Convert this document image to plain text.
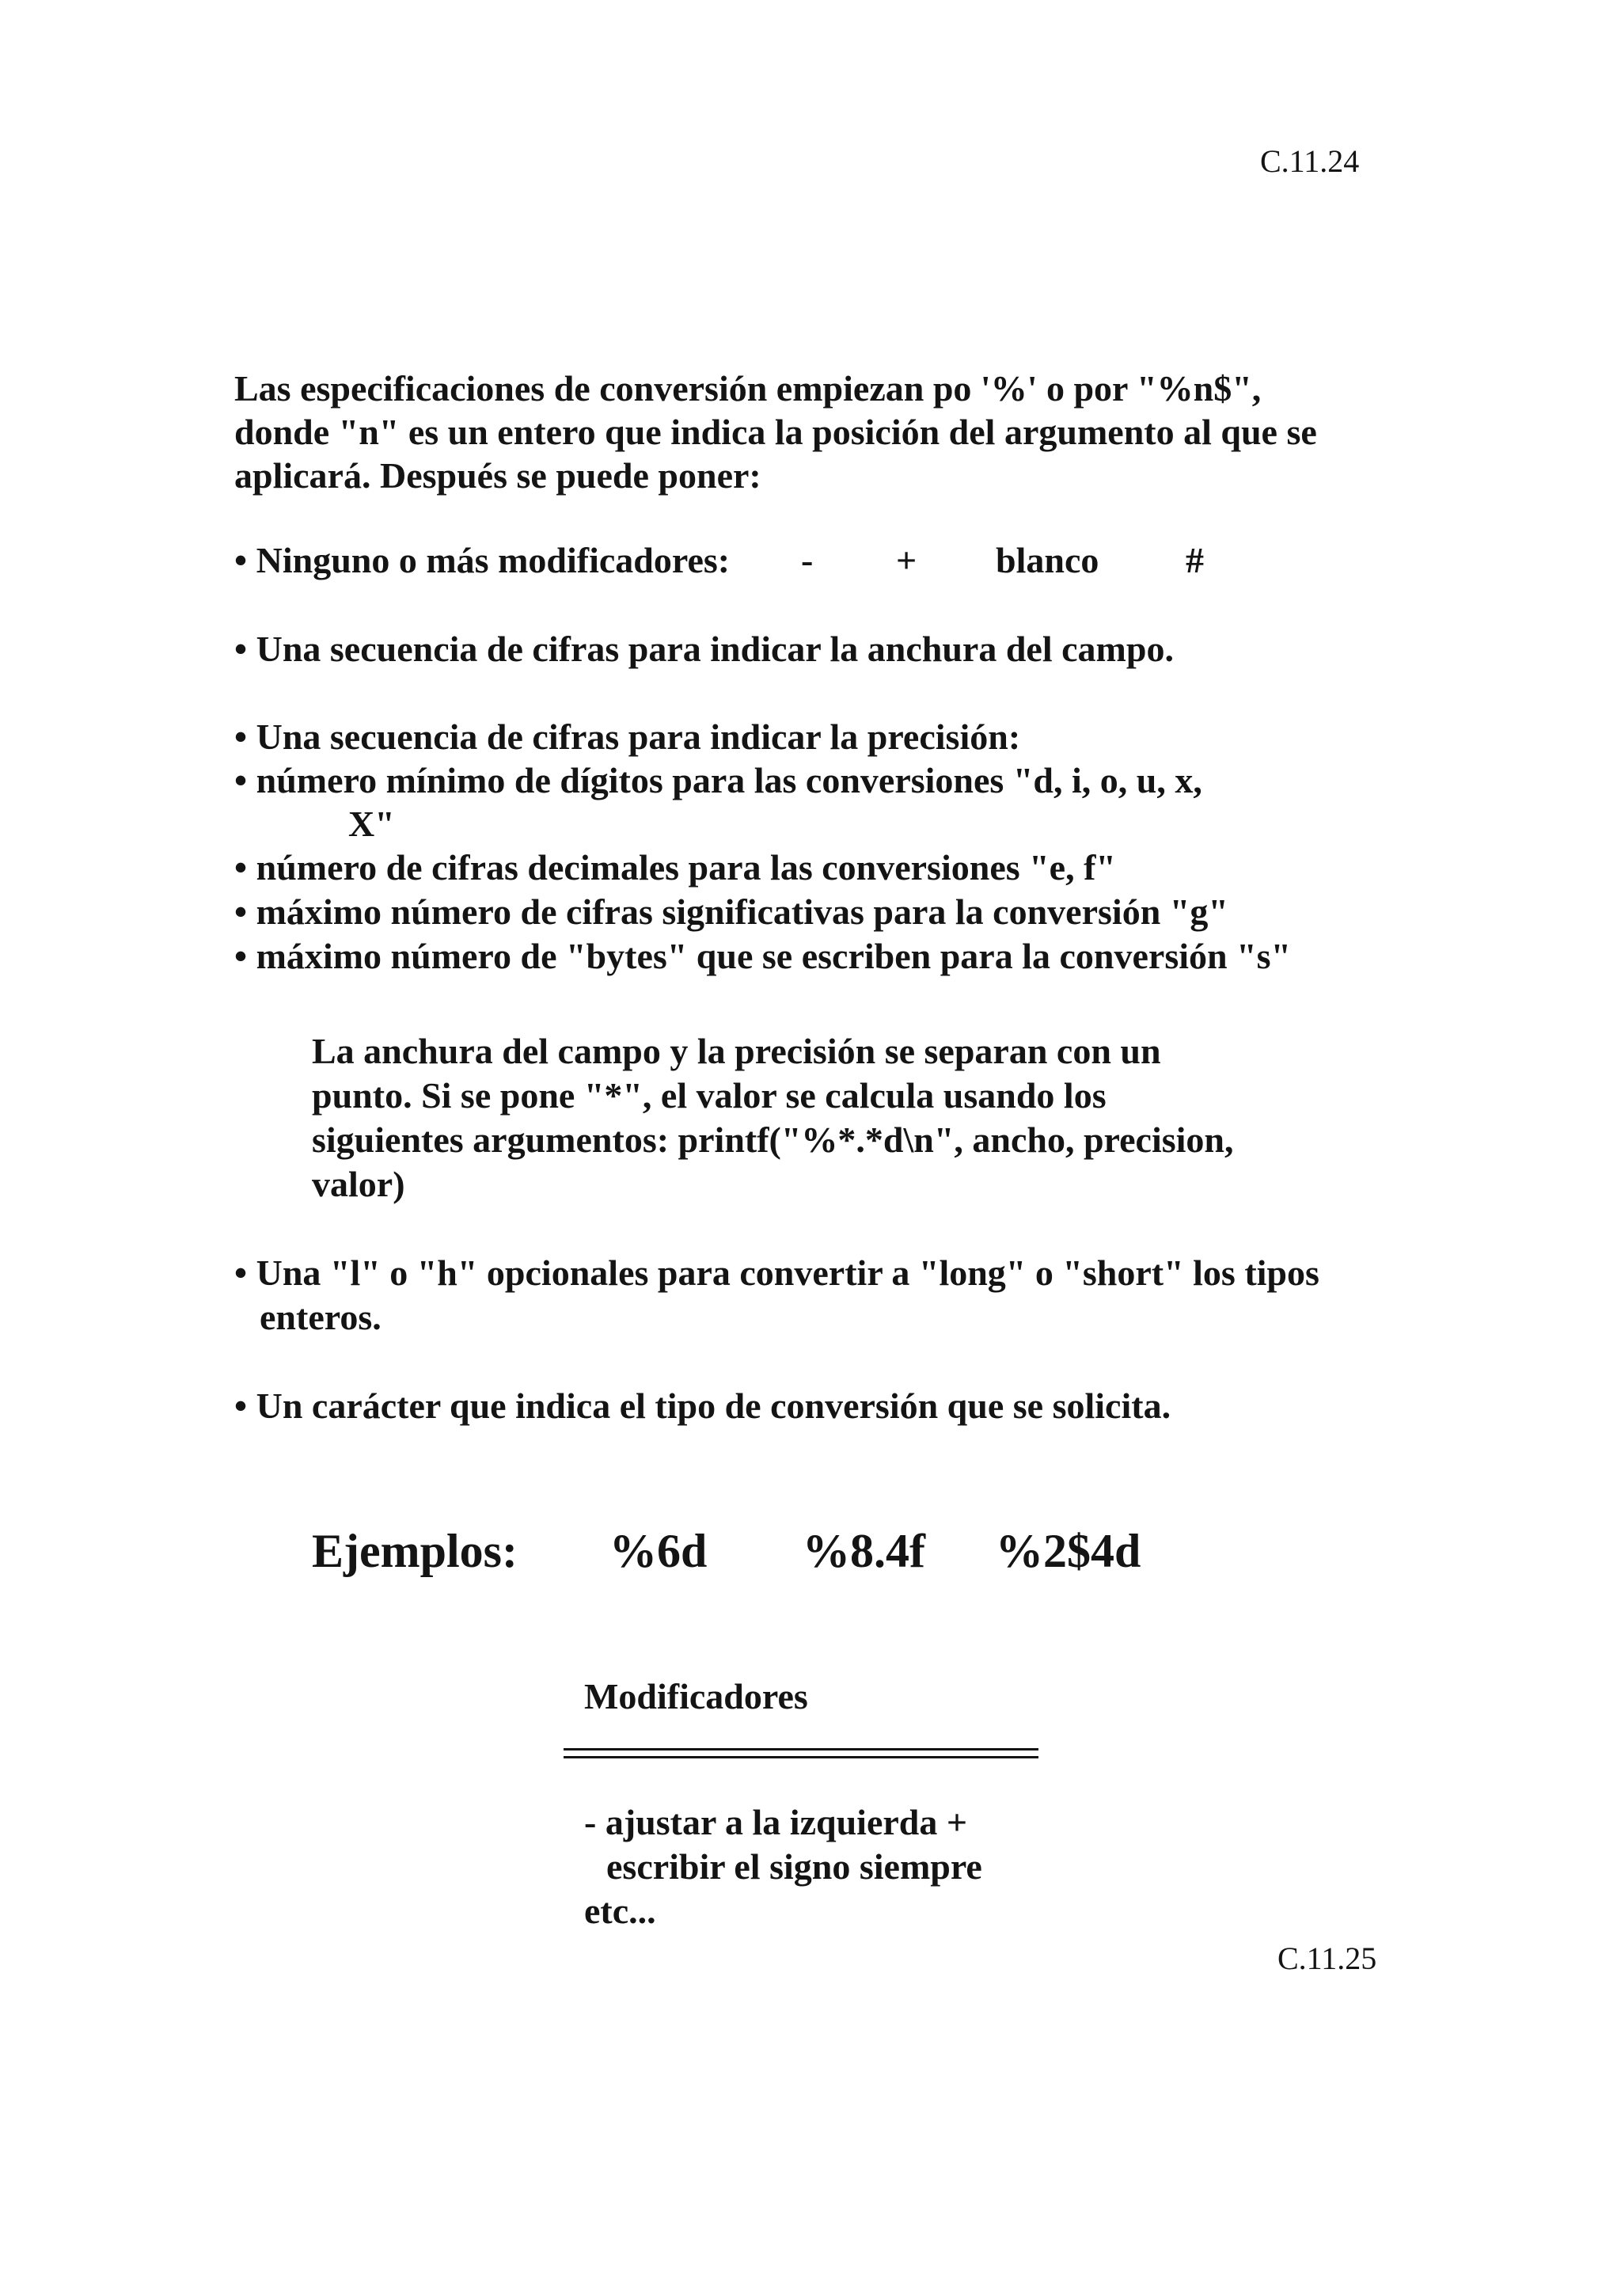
C.11.24
Las especificaciones de conversión empiezan po '%' o por "%n$",
donde "n" es un entero que indica la posición del argumento al que se
aplicará. Después se puede poner:
• Ninguno o más modificadores: - + blanco #
• Una secuencia de cifras para indicar la anchura del campo.
• Una secuencia de cifras para indicar la precisión:
• número mínimo de dígitos para las conversiones "d, i, o, u, x,
X"
• número de cifras decimales para las conversiones "e, f"
• máximo número de cifras significativas para la conversión "g"
• máximo número de "bytes" que se escriben para la conversión "s"
La anchura del campo y la precisión se separan con un
punto. Si se pone "*", el valor se calcula usando los
siguientes argumentos: printf("%*.*d\n", ancho, precision,
valor)
• Una "l" o "h" opcionales para convertir a "long" o "short" los tipos
enteros.
• Un carácter que indica el tipo de conversión que se solicita.
Ejemplos: %6d %8.4f %2$4d
Modificadores
- ajustar a la izquierda +
escribir el signo siempre
etc...
C.11.25
